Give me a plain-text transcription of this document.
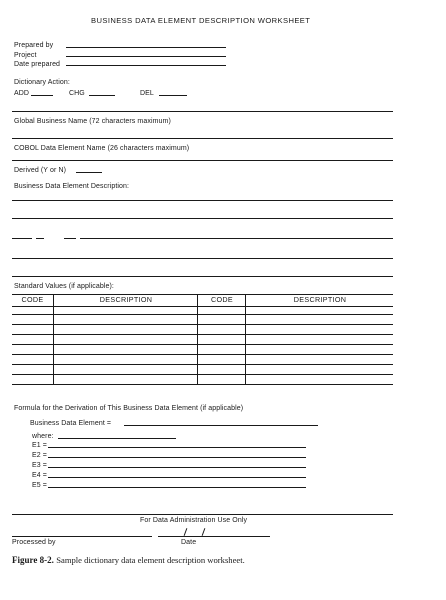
BUSINESS DATA ELEMENT DESCRIPTION WORKSHEET
Prepared by
Project
Date prepared
Dictionary Action:
ADD	CHG	DEL
Global Business Name (72 characters maximum)
COBOL Data Element Name (26 characters maximum)
Derived (Y or N)
Business Data Element Description:
Standard Values (if applicable):
CODE	DESCRIPTION	CODE	DESCRIPTION
Formula for the Derivation of This Business Data Element (if applicable)
Business Data Element =
where:
E1 =
E2 =
E3 =
E4 =
E5 =
For Data Administration Use Only
Processed by	Date
Figure 8-2. Sample dictionary data element description worksheet.
